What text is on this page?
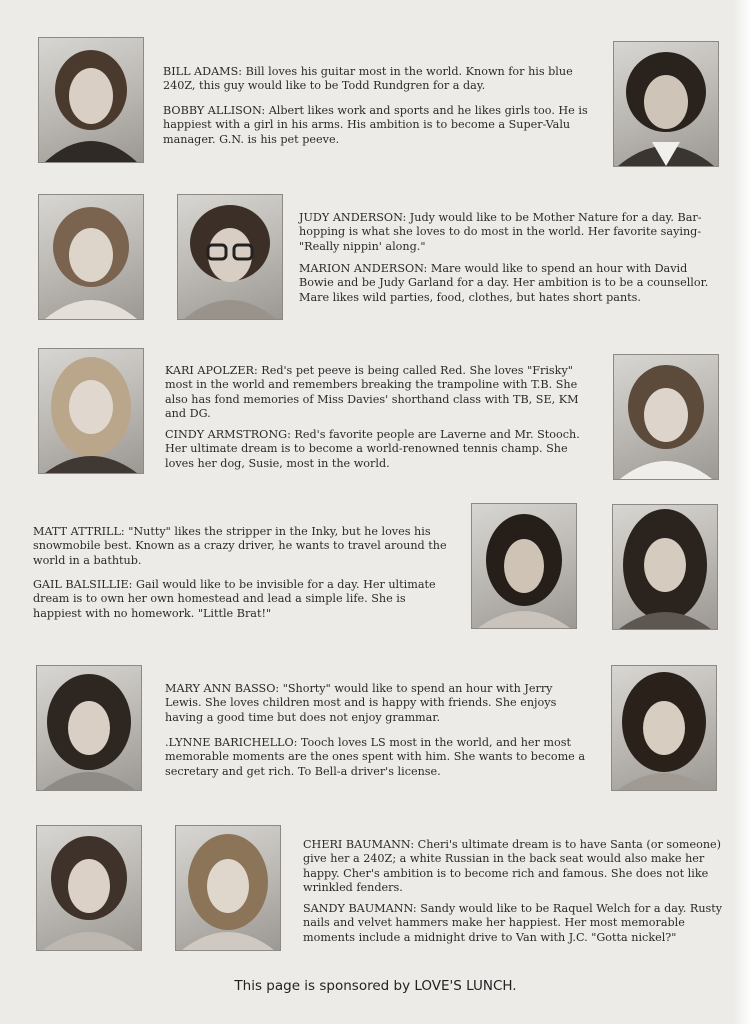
BILL ADAMS: Bill loves his guitar most in the world. Known for his blue 240Z, this guy would like to be Todd Rundgren for a day.

BOBBY ALLISON: Albert likes work and sports and he likes girls too. He is happiest with a girl in his arms. His ambition is to become a Super-Valu manager. G.N. is his pet peeve.

JUDY ANDERSON: Judy would like to be Mother Nature for a day. Bar-hopping is what she loves to do most in the world. Her favorite saying-"Really nippin' along."

MARION ANDERSON: Mare would like to spend an hour with David Bowie and be Judy Garland for a day. Her ambition is to be a counsellor. Mare likes wild parties, food, clothes, but hates short pants.

KARI APOLZER: Red's pet peeve is being called Red. She loves "Frisky" most in the world and remembers breaking the trampoline with T.B. She also has fond memories of Miss Davies' shorthand class with TB, SE, KM and DG.

CINDY ARMSTRONG: Red's favorite people are Laverne and Mr. Stooch. Her ultimate dream is to become a world-renowned tennis champ. She loves her dog, Susie, most in the world.

MATT ATTRILL: "Nutty" likes the stripper in the Inky, but he loves his snowmobile best. Known as a crazy driver, he wants to travel around the world in a bathtub.

GAIL BALSILLIE: Gail would like to be invisible for a day. Her ultimate dream is to own her own homestead and lead a simple life. She is happiest with no homework. "Little Brat!"

MARY ANN BASSO: "Shorty" would like to spend an hour with Jerry Lewis. She loves children most and is happy with friends. She enjoys having a good time but does not enjoy grammar.

.LYNNE BARICHELLO: Tooch loves LS most in the world, and her most memorable moments are the ones spent with him. She wants to become a secretary and get rich. To Bell-a driver's license.

CHERI BAUMANN: Cheri's ultimate dream is to have Santa (or someone) give her a 240Z; a white Russian in the back seat would also make her happy. Cher's ambition is to become rich and famous. She does not like wrinkled fenders.

SANDY BAUMANN: Sandy would like to be Raquel Welch for a day. Rusty nails and velvet hammers make her happiest. Her most memorable moments include a midnight drive to Van with J.C. "Gotta nickel?"

This page is sponsored by LOVE'S LUNCH.
